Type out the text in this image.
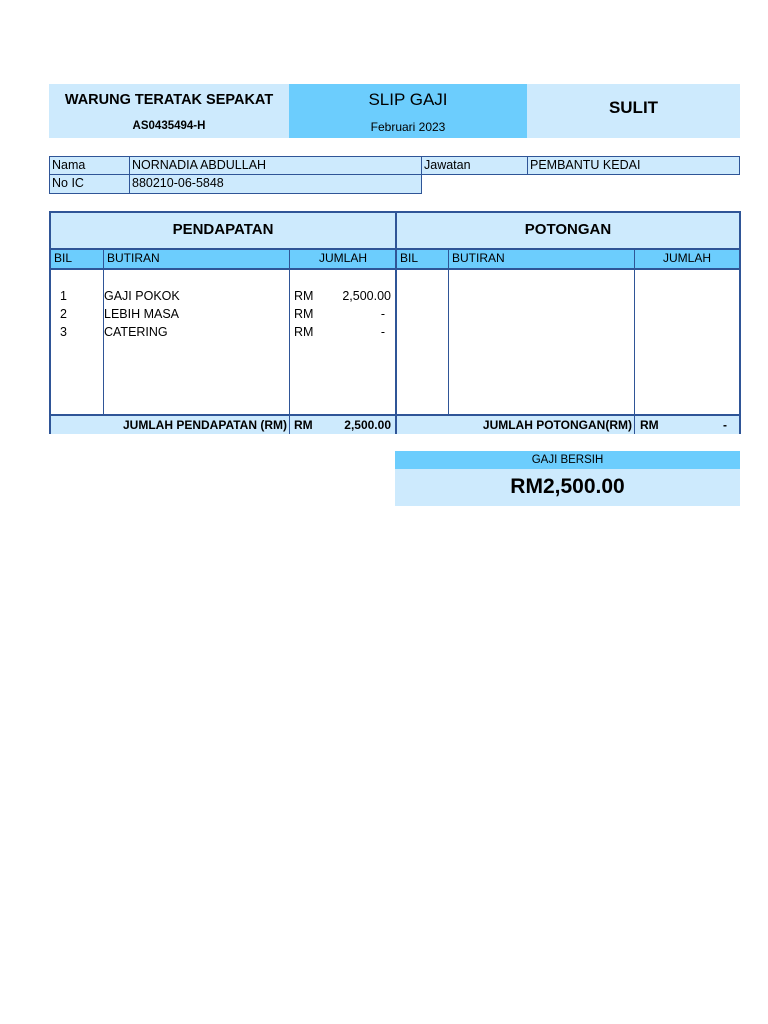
WARUNG TERATAK SEPAKAT
AS0435494-H
SLIP GAJI
Februari 2023
SULIT
Nama	NORNADIA ABDULLAH	Jawatan	PEMBANTU KEDAI
No IC	880210-06-5848
PENDAPATAN	POTONGAN
BIL	BUTIRAN	JUMLAH	BIL	BUTIRAN	JUMLAH
1	GAJI POKOK	RM	2,500.00
2	LEBIH MASA	RM	-
3	CATERING	RM	-
JUMLAH PENDAPATAN (RM) RM	2,500.00	JUMLAH POTONGAN(RM) RM	-
GAJI BERSIH
RM2,500.00
